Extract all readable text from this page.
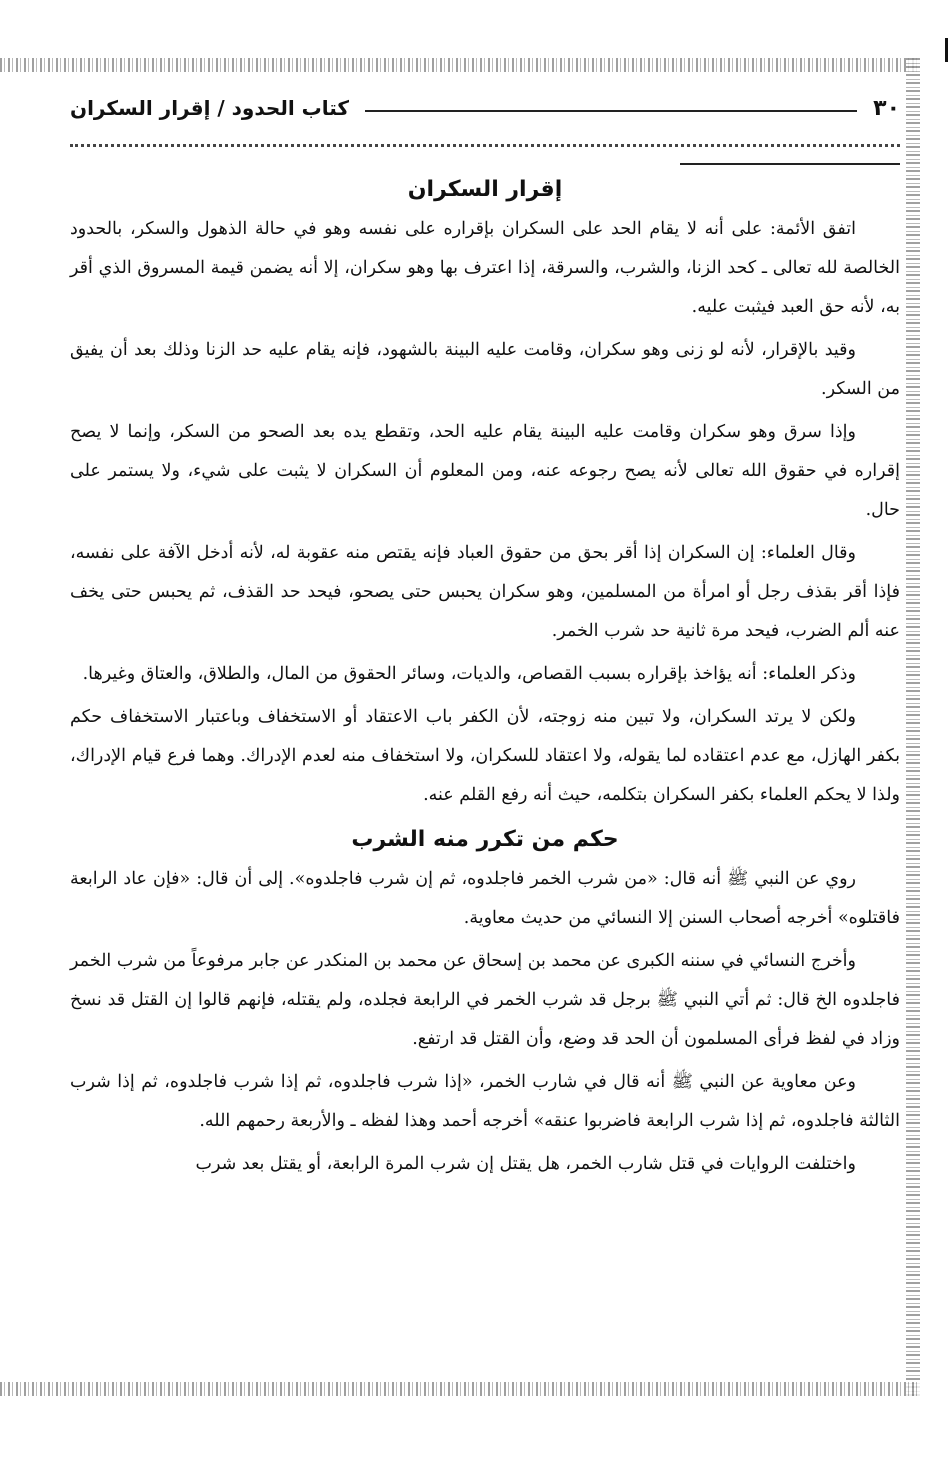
٣٠
كتاب الحدود / إقرار السكران
إقرار السكران

اتفق الأئمة: على أنه لا يقام الحد على السكران بإقراره على نفسه وهو في حالة الذهول والسكر، بالحدود الخالصة لله تعالى ـ كحد الزنا، والشرب، والسرقة، إذا اعترف بها وهو سكران، إلا أنه يضمن قيمة المسروق الذي أقر به، لأنه حق العبد فيثبت عليه.

وقيد بالإقرار، لأنه لو زنى وهو سكران، وقامت عليه البينة بالشهود، فإنه يقام عليه حد الزنا وذلك بعد أن يفيق من السكر.

وإذا سرق وهو سكران وقامت عليه البينة يقام عليه الحد، وتقطع يده بعد الصحو من السكر، وإنما لا يصح إقراره في حقوق الله تعالى لأنه يصح رجوعه عنه، ومن المعلوم أن السكران لا يثبت على شيء، ولا يستمر على حال.

وقال العلماء: إن السكران إذا أقر بحق من حقوق العباد فإنه يقتص منه عقوبة له، لأنه أدخل الآفة على نفسه، فإذا أقر بقذف رجل أو امرأة من المسلمين، وهو سكران يحبس حتى يصحو، فيحد حد القذف، ثم يحبس حتى يخف عنه ألم الضرب، فيحد مرة ثانية حد شرب الخمر.

وذكر العلماء: أنه يؤاخذ بإقراره بسبب القصاص، والديات، وسائر الحقوق من المال، والطلاق، والعتاق وغيرها.

ولكن لا يرتد السكران، ولا تبين منه زوجته، لأن الكفر باب الاعتقاد أو الاستخفاف وباعتبار الاستخفاف حكم بكفر الهازل، مع عدم اعتقاده لما يقوله، ولا اعتقاد للسكران، ولا استخفاف منه لعدم الإدراك. وهما فرع قيام الإدراك، ولذا لا يحكم العلماء بكفر السكران بتكلمه، حيث أنه رفع القلم عنه.

حكم من تكرر منه الشرب

روي عن النبي ﷺ أنه قال: «من شرب الخمر فاجلدوه، ثم إن شرب فاجلدوه». إلى أن قال: «فإن عاد الرابعة فاقتلوه» أخرجه أصحاب السنن إلا النسائي من حديث معاوية.

وأخرج النسائي في سننه الكبرى عن محمد بن إسحاق عن محمد بن المنكدر عن جابر مرفوعاً من شرب الخمر فاجلدوه الخ قال: ثم أتي النبي ﷺ برجل قد شرب الخمر في الرابعة فجلده، ولم يقتله، فإنهم قالوا إن القتل قد نسخ وزاد في لفظ فرأى المسلمون أن الحد قد وضع، وأن القتل قد ارتفع.

وعن معاوية عن النبي ﷺ أنه قال في شارب الخمر، «إذا شرب فاجلدوه، ثم إذا شرب فاجلدوه، ثم إذا شرب الثالثة فاجلدوه، ثم إذا شرب الرابعة فاضربوا عنقه» أخرجه أحمد وهذا لفظه ـ والأربعة رحمهم الله.

واختلفت الروايات في قتل شارب الخمر، هل يقتل إن شرب المرة الرابعة، أو يقتل بعد شرب
